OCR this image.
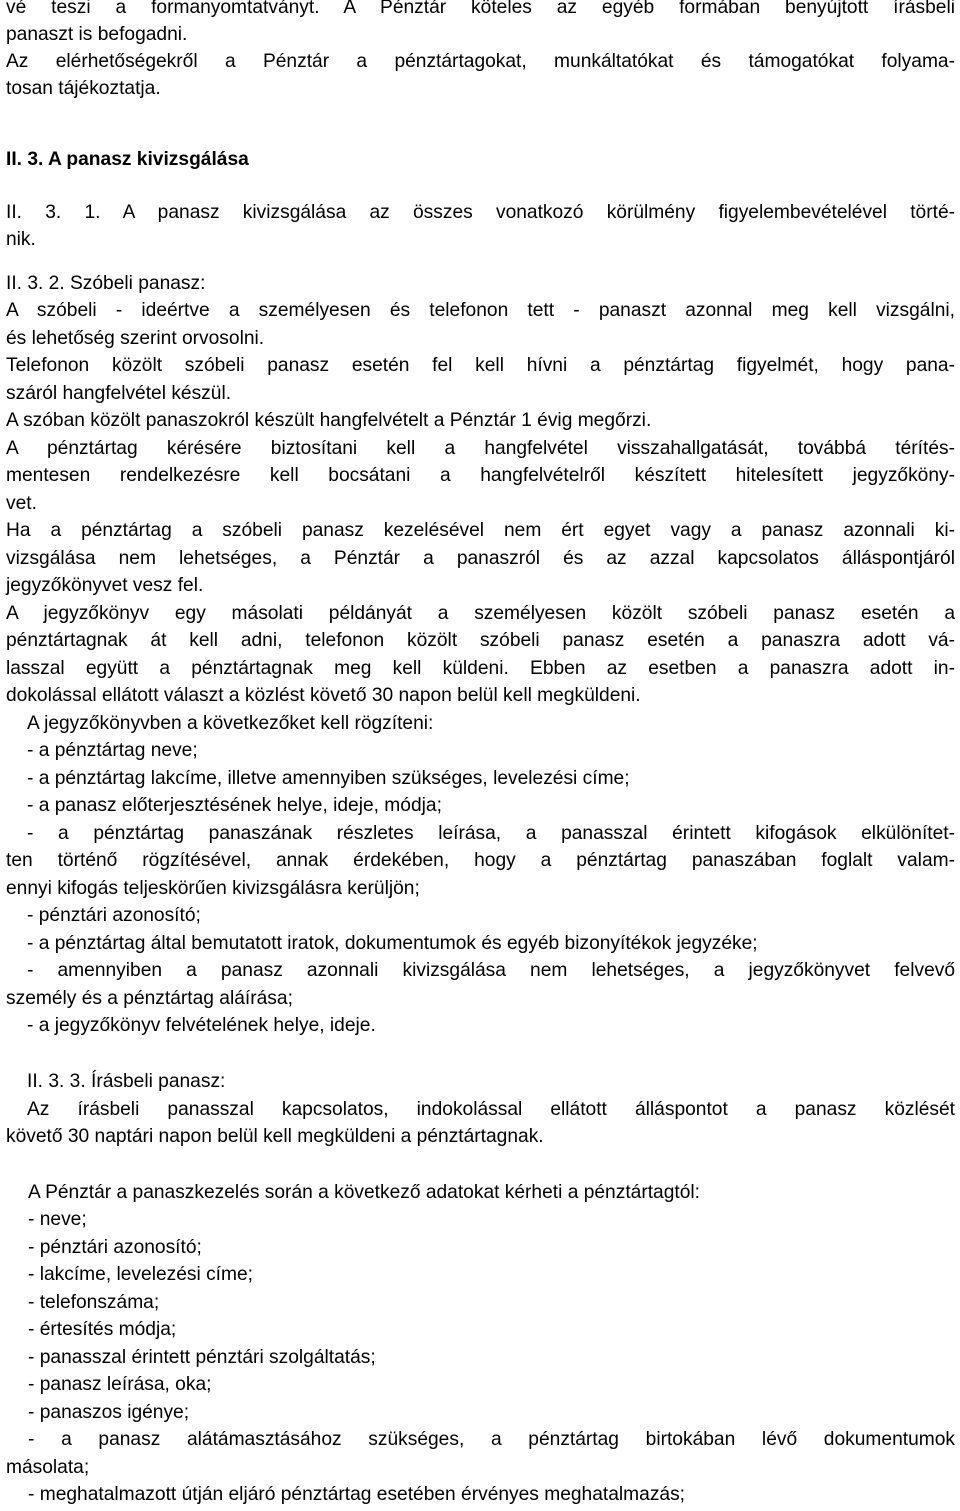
vé teszi a formanyomtatványt. A Pénztár köteles az egyéb formában benyújtott írásbeli
panaszt is befogadni.
Az elérhetőségekről a Pénztár a pénztártagokat, munkáltatókat és támogatókat folyama-
tosan tájékoztatja.
II. 3. A panasz kivizsgálása
II. 3. 1. A panasz kivizsgálása az összes vonatkozó körülmény figyelembevételével törté-
nik.
II. 3. 2. Szóbeli panasz:
A szóbeli - ideértve a személyesen és telefonon tett - panaszt azonnal meg kell vizsgálni,
és lehetőség szerint orvosolni.
Telefonon közölt szóbeli panasz esetén fel kell hívni a pénztártag figyelmét, hogy pana-
száról hangfelvétel készül.
A szóban közölt panaszokról készült hangfelvételt a Pénztár 1 évig megőrzi.
A pénztártag kérésére biztosítani kell a hangfelvétel visszahallgatását, továbbá térítés-
mentesen rendelkezésre kell bocsátani a hangfelvételről készített hitelesített jegyzőköny-
vet.
Ha a pénztártag a szóbeli panasz kezelésével nem ért egyet vagy a panasz azonnali ki-
vizsgálása nem lehetséges, a Pénztár a panaszról és az azzal kapcsolatos álláspontjáról
jegyzőkönyvet vesz fel.
A jegyzőkönyv egy másolati példányát a személyesen közölt szóbeli panasz esetén a
pénztártagnak át kell adni, telefonon közölt szóbeli panasz esetén a panaszra adott vá-
lasszal együtt a pénztártagnak meg kell küldeni. Ebben az esetben a panaszra adott in-
dokolással ellátott választ a közlést követő 30 napon belül kell megküldeni.
A jegyzőkönyvben a következőket kell rögzíteni:
- a pénztártag neve;
- a pénztártag lakcíme, illetve amennyiben szükséges, levelezési címe;
- a panasz előterjesztésének helye, ideje, módja;
- a pénztártag panaszának részletes leírása, a panasszal érintett kifogások elkülönítet-
ten történő rögzítésével, annak érdekében, hogy a pénztártag panaszában foglalt valam-
ennyi kifogás teljeskörűen kivizsgálásra kerüljön;
- pénztári azonosító;
- a pénztártag által bemutatott iratok, dokumentumok és egyéb bizonyítékok jegyzéke;
- amennyiben a panasz azonnali kivizsgálása nem lehetséges, a jegyzőkönyvet felvevő
személy és a pénztártag aláírása;
- a jegyzőkönyv felvételének helye, ideje.
II. 3. 3. Írásbeli panasz:
Az írásbeli panasszal kapcsolatos, indokolással ellátott álláspontot a panasz közlését
követő 30 naptári napon belül kell megküldeni a pénztártagnak.
A Pénztár a panaszkezelés során a következő adatokat kérheti a pénztártagtól:
- neve;
- pénztári azonosító;
- lakcíme, levelezési címe;
- telefonszáma;
- értesítés módja;
- panasszal érintett pénztári szolgáltatás;
- panasz leírása, oka;
- panaszos igénye;
- a panasz alátámasztásához szükséges, a pénztártag birtokában lévő dokumentumok
másolata;
- meghatalmazott útján eljáró pénztártag esetében érvényes meghatalmazás;
